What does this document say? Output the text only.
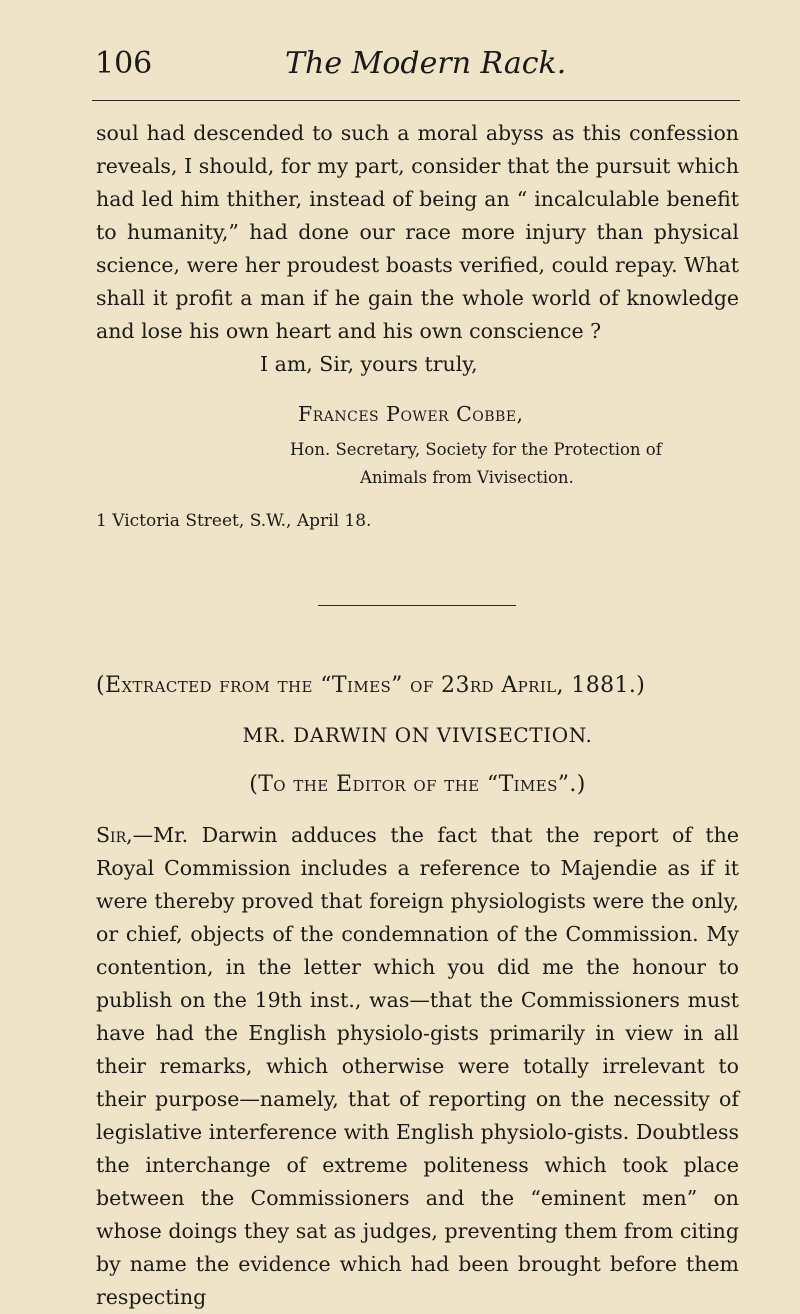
106	The Modern Rack.

soul had descended to such a moral abyss as this confession reveals, I should, for my part, consider that the pursuit which had led him thither, instead of being an “ incalculable benefit to humanity,” had done our race more injury than physical science, were her proudest boasts verified, could repay. What shall it profit a man if he gain the whole world of knowledge and lose his own heart and his own conscience ?

I am, Sir, yours truly,
Frances Power Cobbe,
Hon. Secretary, Society for the Protection of
Animals from Vivisection.
1 Victoria Street, S.W., April 18.
(Extracted from the “Times” of 23rd April, 1881.)
MR. DARWIN ON VIVISECTION.
(To the Editor of the “Times”.)

Sir,—Mr. Darwin adduces the fact that the report of the Royal Commission includes a reference to Majendie as if it were thereby proved that foreign physiologists were the only, or chief, objects of the condemnation of the Commission. My contention, in the letter which you did me the honour to publish on the 19th inst., was—that the Commissioners must have had the English physiolo-gists primarily in view in all their remarks, which otherwise were totally irrelevant to their purpose—namely, that of reporting on the necessity of legislative interference with English physiolo-gists. Doubtless the interchange of extreme politeness which took place between the Commissioners and the “eminent men” on whose doings they sat as judges, preventing them from citing by name the evidence which had been brought before them respecting
